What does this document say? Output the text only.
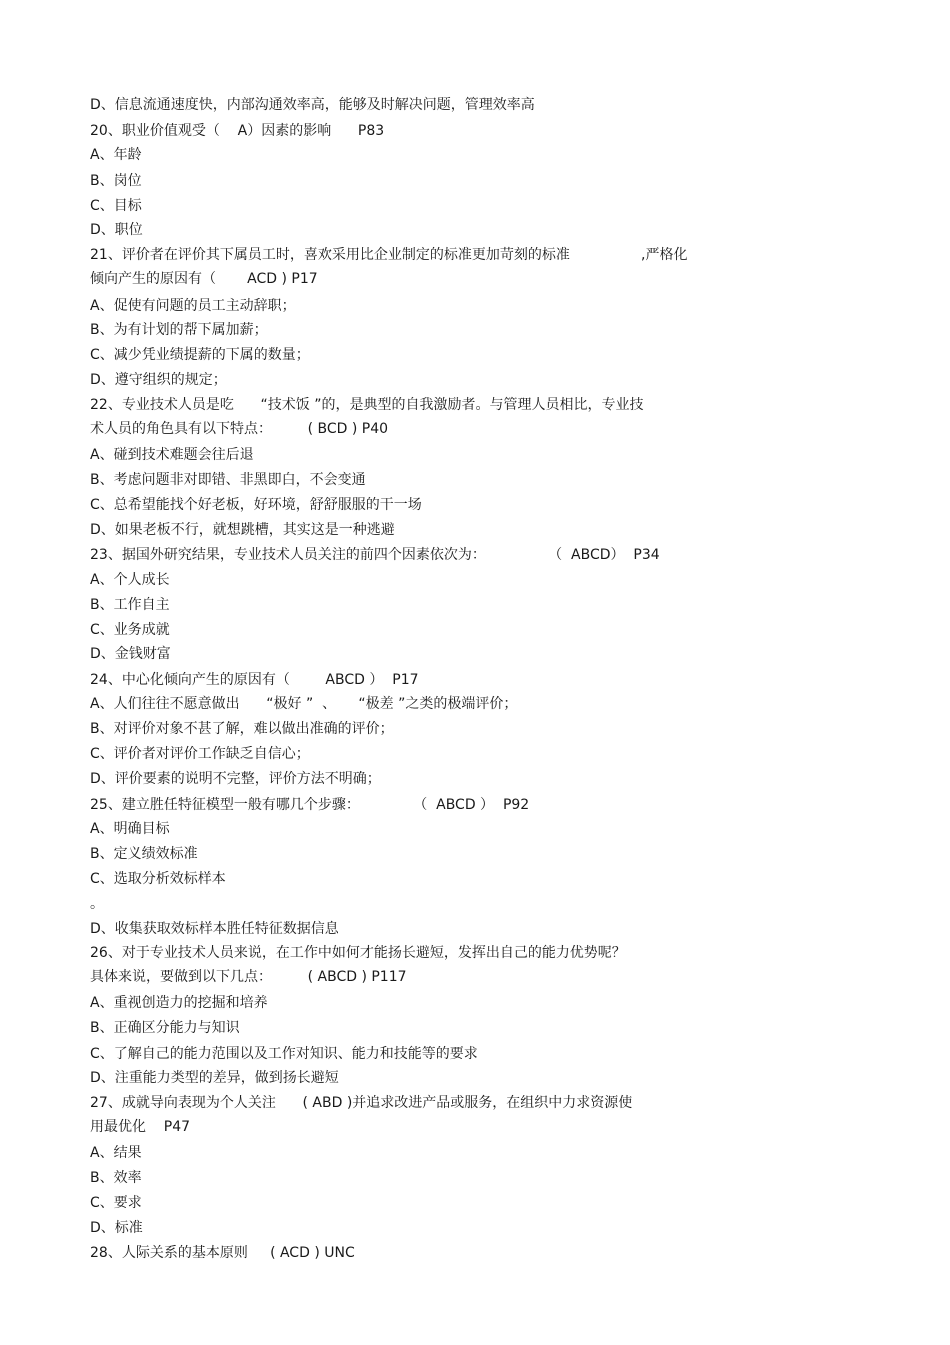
D、信息流通速度快，内部沟通效率高，能够及时解决问题，管理效率高
20、职业价值观受（    A）因素的影响      P83
A、年龄
B、岗位
C、目标
D、职位
21、评价者在评价其下属员工时，喜欢采用比企业制定的标准更加苛刻的标准                ,严格化
倾向产生的原因有（       ACD ) P17
A、促使有问题的员工主动辞职；
B、为有计划的帮下属加薪；
C、减少凭业绩提薪的下属的数量；
D、遵守组织的规定；
22、专业技术人员是吃      “技术饭 ”的，是典型的自我激励者。与管理人员相比，专业技
术人员的角色具有以下特点：        ( BCD ) P40
A、碰到技术难题会往后退
B、考虑问题非对即错、非黑即白，不会变通
C、总希望能找个好老板，好环境，舒舒服服的干一场
D、如果老板不行，就想跳槽，其实这是一种逃避
23、据国外研究结果，专业技术人员关注的前四个因素依次为：              （  ABCD）  P34
A、个人成长
B、工作自主
C、业务成就
D、金钱财富
24、中心化倾向产生的原因有（        ABCD ）  P17
A、人们往往不愿意做出      “极好 ”  、     “极差 ”之类的极端评价；
B、对评价对象不甚了解，难以做出准确的评价；
C、评价者对评价工作缺乏自信心；
D、评价要素的说明不完整，评价方法不明确；
25、建立胜任特征模型一般有哪几个步骤：            （  ABCD ）  P92
A、明确目标
B、定义绩效标准
C、选取分析效标样本
。
D、收集获取效标样本胜任特征数据信息
26、对于专业技术人员来说，在工作中如何才能扬长避短，发挥出自己的能力优势呢？
具体来说，要做到以下几点：        ( ABCD ) P117
A、重视创造力的挖掘和培养
B、正确区分能力与知识
C、了解自己的能力范围以及工作对知识、能力和技能等的要求
D、注重能力类型的差异，做到扬长避短
27、成就导向表现为个人关注      ( ABD )并追求改进产品或服务，在组织中力求资源使
用最优化    P47
A、结果
B、效率
C、要求
D、标准
28、人际关系的基本原则     ( ACD ) UNC
